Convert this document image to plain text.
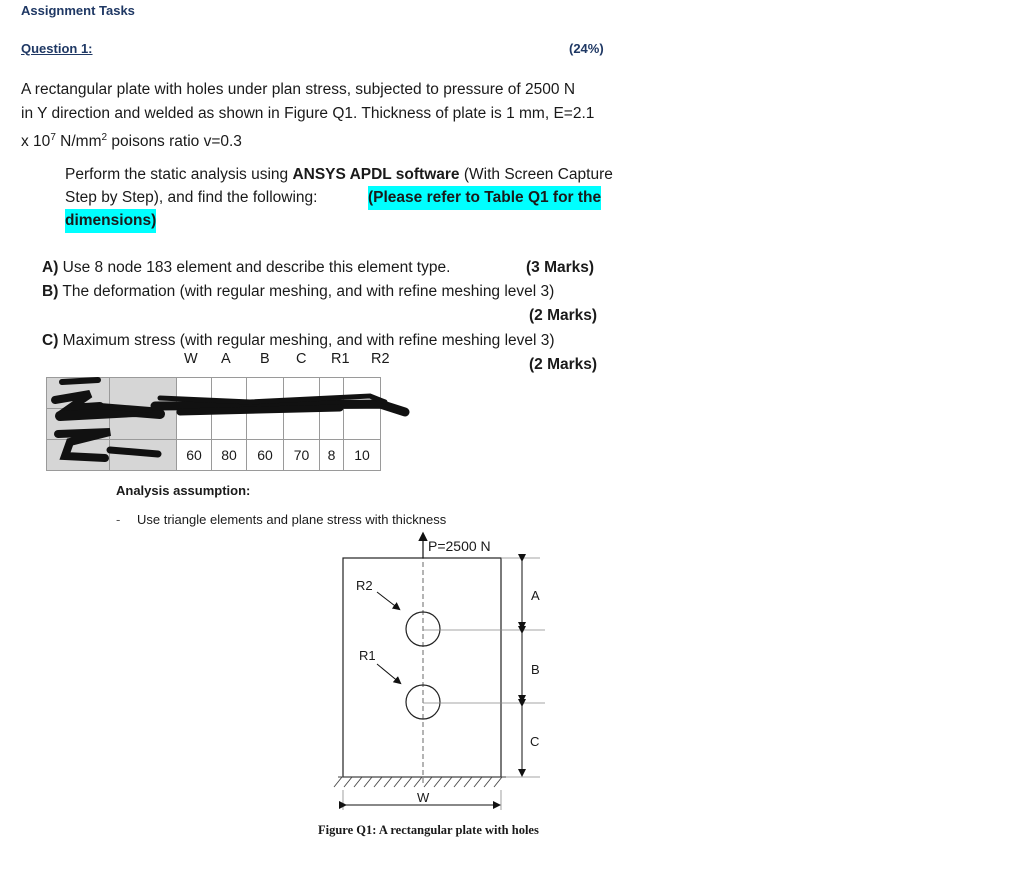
Assignment Tasks
Question 1:	(24%)
A rectangular plate with holes under plan stress, subjected to pressure of 2500 N
in Y direction and welded as shown in Figure Q1. Thickness of plate is 1 mm, E=2.1
x $10^7$ $N/mm^2$ poisons ratio v=0.3
Perform the static analysis using ANSYS APDL software (With Screen Capture
Step by Step), and find the following:	(Please refer to Table Q1 for the
dimensions)
A) Use 8 node 183 element and describe this element type.	(3 Marks)
B) The deformation (with regular meshing, and with refine meshing level 3)
(2 Marks)
C) Maximum stress (with regular meshing, and with refine meshing level 3)
(2 Marks)
W A B C R1 R2

		60	80	60	70	8	10
Analysis assumption:
- Use triangle elements and plane stress with thickness
P=2500 N
R2
R1
A
B
C
W
Figure Q1: A rectangular plate with holes
